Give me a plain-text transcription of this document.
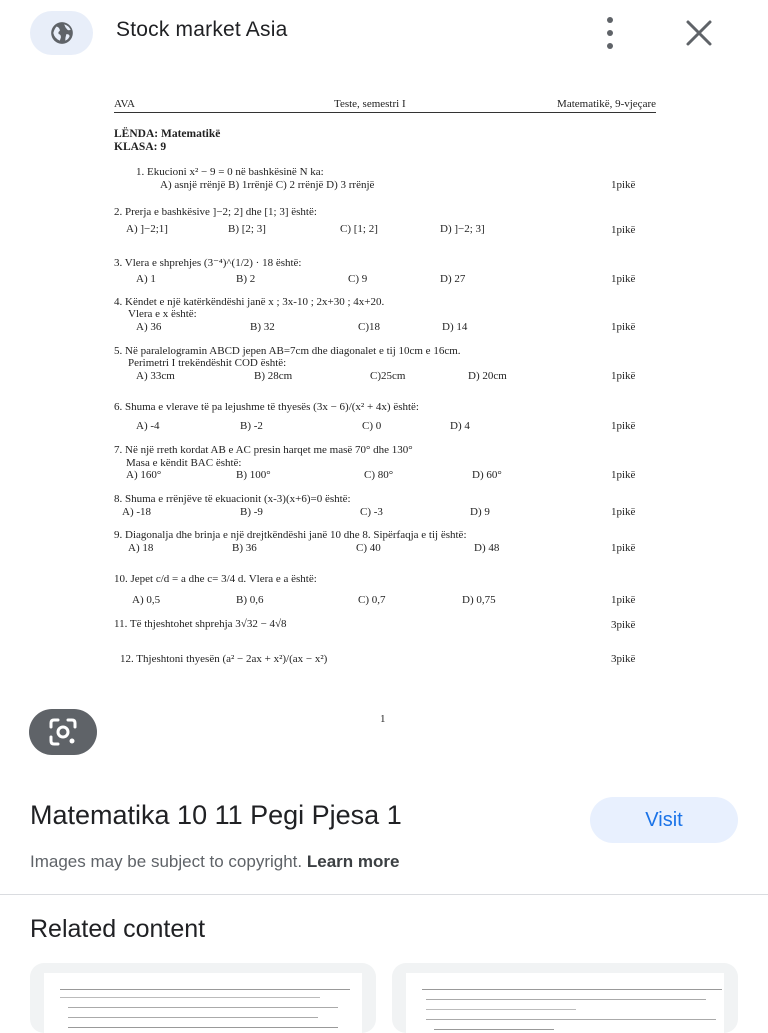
Stock market Asia
AVA	Teste, semestri I	Matematikë, 9-vjeçare
LËNDA: Matematikë
KLASA: 9
1. Ekucioni x² − 9 = 0 në bashkësinë N ka:
A) asnjë rrënjë B) 1rrënjë C) 2 rrënjë D) 3 rrënjë	1pikë
2. Prerja e bashkësive ]−2; 2] dhe [1; 3] është:
A) ]−2;1]	B) [2; 3]	C) [1; 2]	D) ]−2; 3]	1pikë
3. Vlera e shprehjes (3⁻⁴)^(1/2) · 18 është:
A) 1	B) 2	C) 9	D) 27	1pikë
4. Këndet e një katërkëndëshi janë x ; 3x-10 ; 2x+30 ; 4x+20.
Vlera e x është:
A) 36	B) 32	C)18	D) 14	1pikë
5. Në paralelogramin ABCD jepen AB=7cm dhe diagonalet e tij 10cm e 16cm.
Perimetri I trekëndëshit COD është:
A) 33cm	B) 28cm	C)25cm	D) 20cm	1pikë
6. Shuma e vlerave të pa lejushme të thyesës (3x − 6)/(x² + 4x) është:
A) -4	B) -2	C) 0	D) 4	1pikë
7. Në një rreth kordat AB e AC presin harqet me masë 70° dhe 130°
Masa e këndit BAC është:
A) 160°	B) 100°	C) 80°	D) 60°	1pikë
8. Shuma e rrënjëve të ekuacionit (x-3)(x+6)=0 është:
A) -18	B) -9	C) -3	D) 9	1pikë
9. Diagonalja dhe brinja e një drejtkëndëshi janë 10 dhe 8. Sipërfaqja e tij është:
A) 18	B) 36	C) 40	D) 48	1pikë
10. Jepet c/d = a dhe c= 3/4 d. Vlera e a është:
A) 0,5	B) 0,6	C) 0,7	D) 0,75	1pikë
11. Të thjeshtohet shprehja 3√32 − 4√8	3pikë
12. Thjeshtoni thyesën (a² − 2ax + x²)/(ax − x²)	3pikë
1
Matematika 10 11 Pegi Pjesa 1	Visit
Images may be subject to copyright. Learn more
Related content
